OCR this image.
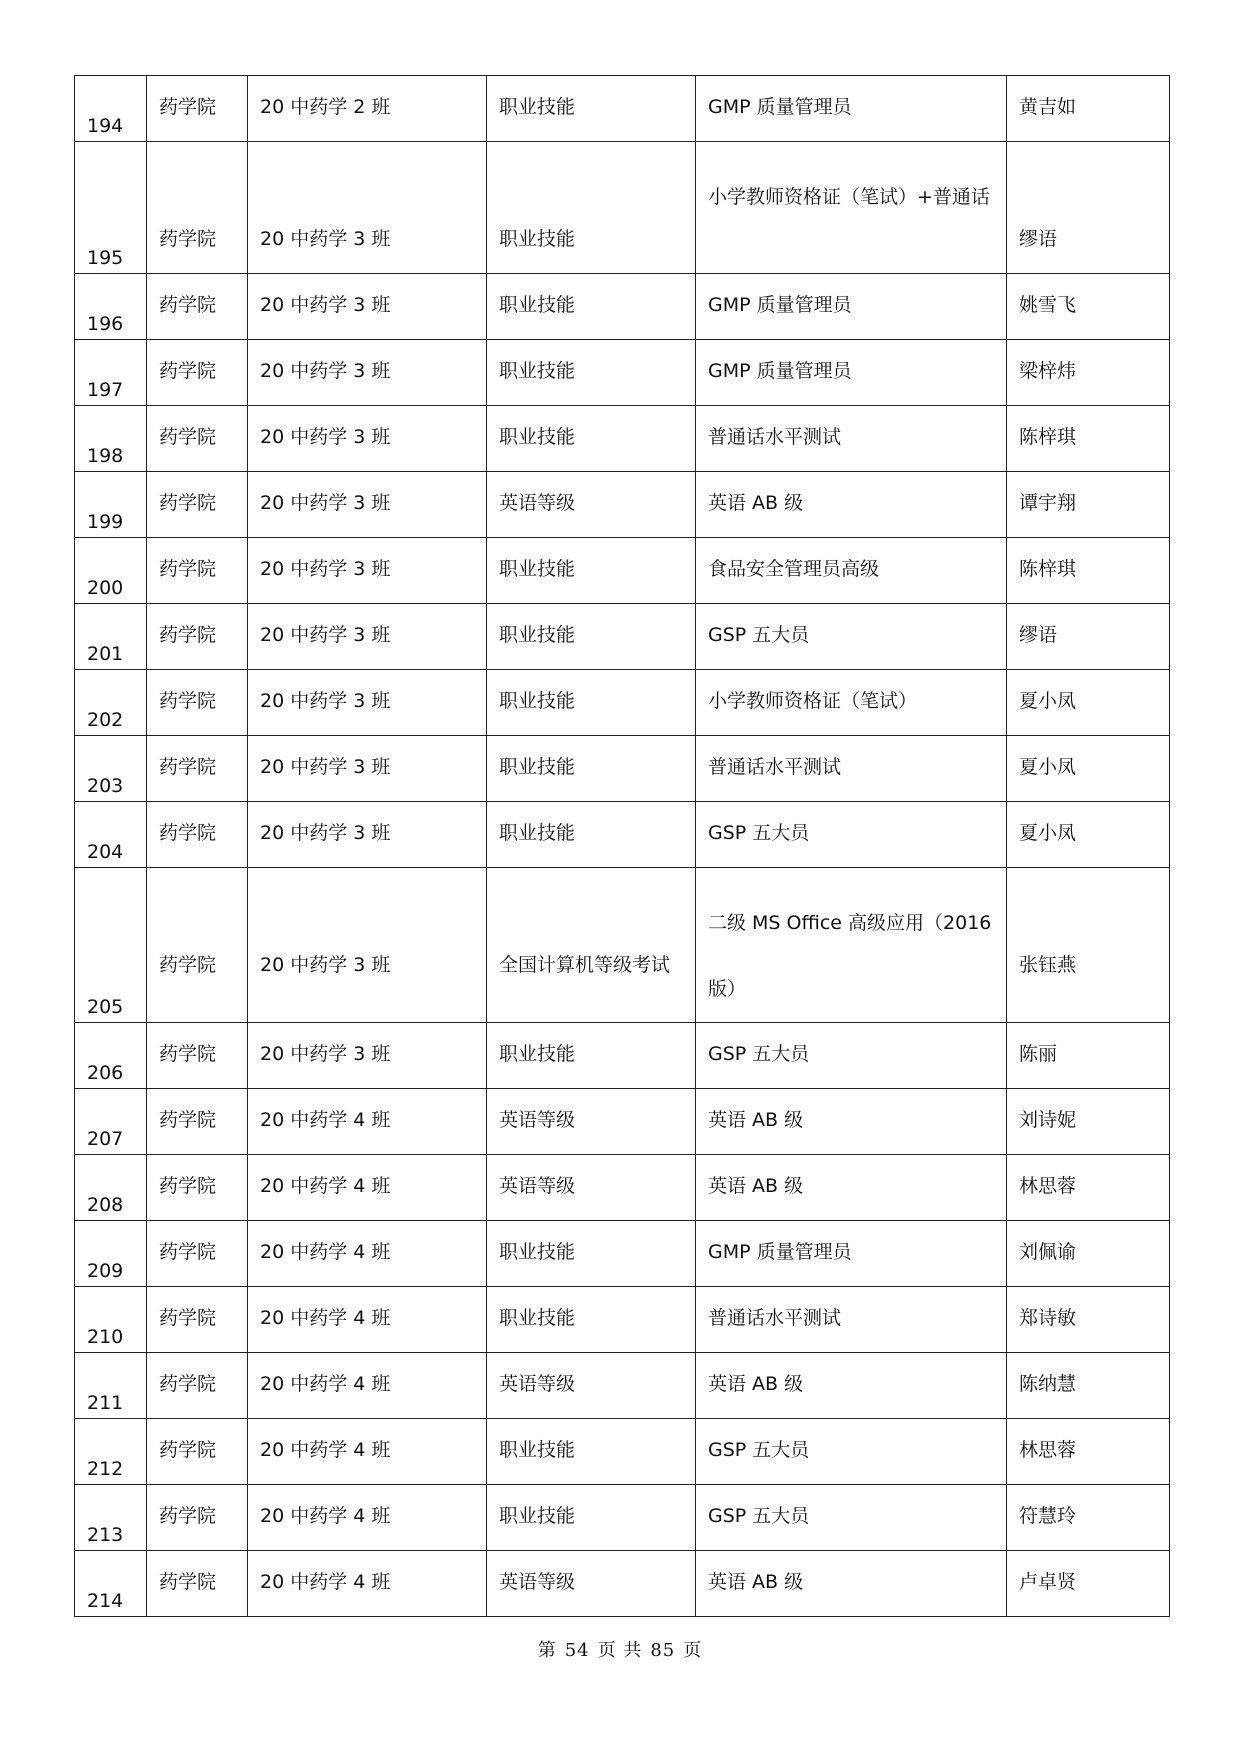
194	药学院	20 中药学 2 班	职业技能	GMP 质量管理员	黄吉如
195	药学院	20 中药学 3 班	职业技能	小学教师资格证（笔试）+普通话	缪语
196	药学院	20 中药学 3 班	职业技能	GMP 质量管理员	姚雪飞
197	药学院	20 中药学 3 班	职业技能	GMP 质量管理员	梁梓炜
198	药学院	20 中药学 3 班	职业技能	普通话水平测试	陈梓琪
199	药学院	20 中药学 3 班	英语等级	英语 AB 级	谭宇翔
200	药学院	20 中药学 3 班	职业技能	食品安全管理员高级	陈梓琪
201	药学院	20 中药学 3 班	职业技能	GSP 五大员	缪语
202	药学院	20 中药学 3 班	职业技能	小学教师资格证（笔试）	夏小凤
203	药学院	20 中药学 3 班	职业技能	普通话水平测试	夏小凤
204	药学院	20 中药学 3 班	职业技能	GSP 五大员	夏小凤
205	药学院	20 中药学 3 班	全国计算机等级考试	二级 MS Office 高级应用（2016 版）	张钰燕
206	药学院	20 中药学 3 班	职业技能	GSP 五大员	陈丽
207	药学院	20 中药学 4 班	英语等级	英语 AB 级	刘诗妮
208	药学院	20 中药学 4 班	英语等级	英语 AB 级	林思蓉
209	药学院	20 中药学 4 班	职业技能	GMP 质量管理员	刘佩谕
210	药学院	20 中药学 4 班	职业技能	普通话水平测试	郑诗敏
211	药学院	20 中药学 4 班	英语等级	英语 AB 级	陈纳慧
212	药学院	20 中药学 4 班	职业技能	GSP 五大员	林思蓉
213	药学院	20 中药学 4 班	职业技能	GSP 五大员	符慧玲
214	药学院	20 中药学 4 班	英语等级	英语 AB 级	卢卓贤
第 54 页 共 85 页
